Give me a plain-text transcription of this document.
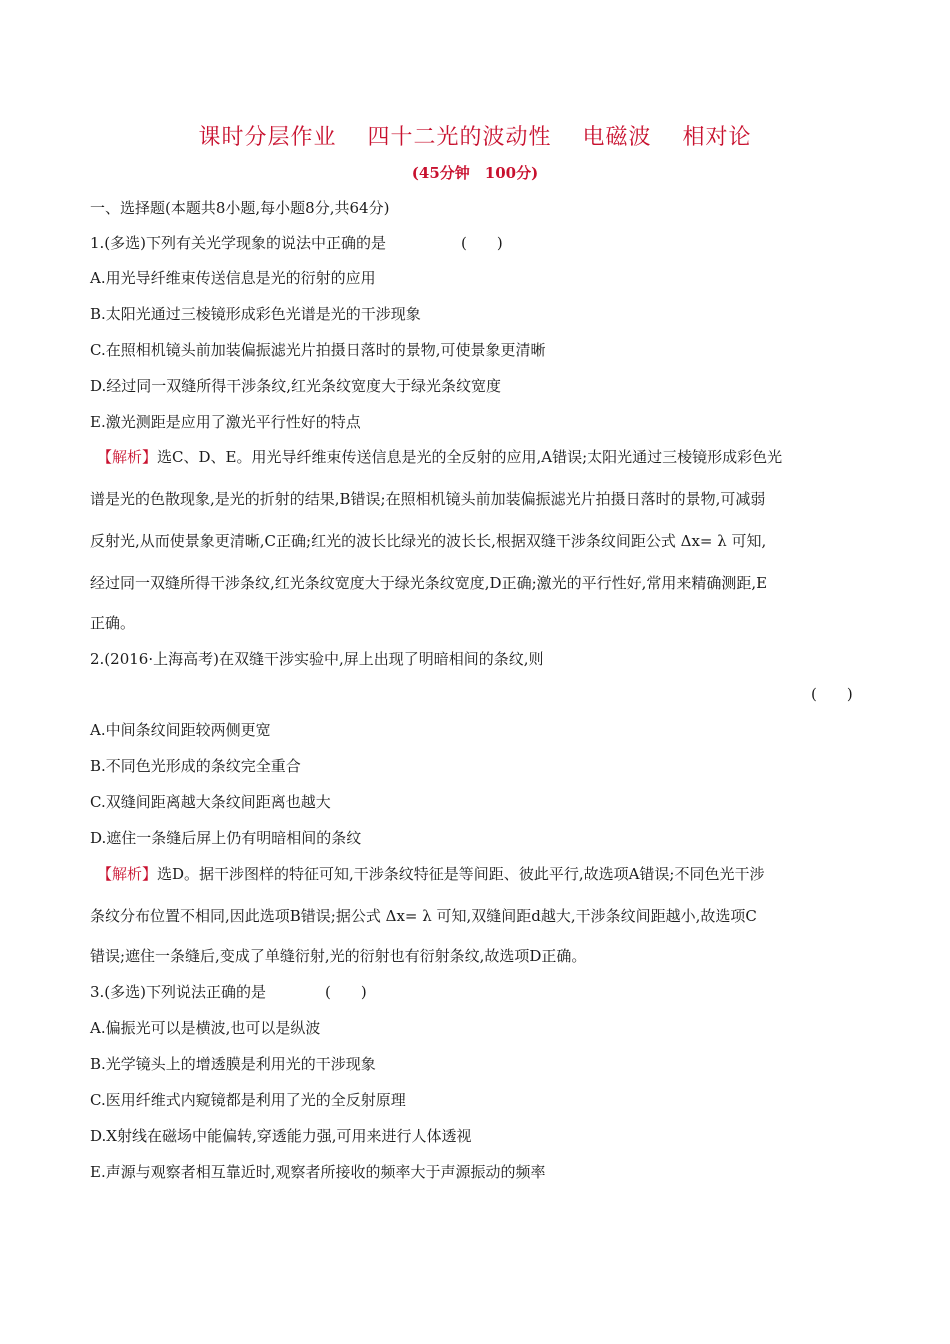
课时分层作业  四十二光的波动性  电磁波  相对论
(45分钟　100分)
一、选择题(本题共8小题,每小题8分,共64分)
1.(多选)下列有关光学现象的说法中正确的是	(　　)
A.用光导纤维束传送信息是光的衍射的应用
B.太阳光通过三棱镜形成彩色光谱是光的干涉现象
C.在照相机镜头前加装偏振滤光片拍摄日落时的景物,可使景象更清晰
D.经过同一双缝所得干涉条纹,红光条纹宽度大于绿光条纹宽度
E.激光测距是应用了激光平行性好的特点
【解析】选C、D、E。用光导纤维束传送信息是光的全反射的应用,A错误;太阳光通过三棱镜形成彩色光
谱是光的色散现象,是光的折射的结果,B错误;在照相机镜头前加装偏振滤光片拍摄日落时的景物,可减弱
反射光,从而使景象更清晰,C正确;红光的波长比绿光的波长长,根据双缝干涉条纹间距公式 Δx= λ 可知,
经过同一双缝所得干涉条纹,红光条纹宽度大于绿光条纹宽度,D正确;激光的平行性好,常用来精确测距,E
正确。
2.(2016·上海高考)在双缝干涉实验中,屏上出现了明暗相间的条纹,则
(　　)
A.中间条纹间距较两侧更宽
B.不同色光形成的条纹完全重合
C.双缝间距离越大条纹间距离也越大
D.遮住一条缝后屏上仍有明暗相间的条纹
【解析】选D。据干涉图样的特征可知,干涉条纹特征是等间距、彼此平行,故选项A错误;不同色光干涉
条纹分布位置不相同,因此选项B错误;据公式 Δx= λ 可知,双缝间距d越大,干涉条纹间距越小,故选项C
错误;遮住一条缝后,变成了单缝衍射,光的衍射也有衍射条纹,故选项D正确。
3.(多选)下列说法正确的是	(　　)
A.偏振光可以是横波,也可以是纵波
B.光学镜头上的增透膜是利用光的干涉现象
C.医用纤维式内窥镜都是利用了光的全反射原理
D.X射线在磁场中能偏转,穿透能力强,可用来进行人体透视
E.声源与观察者相互靠近时,观察者所接收的频率大于声源振动的频率
